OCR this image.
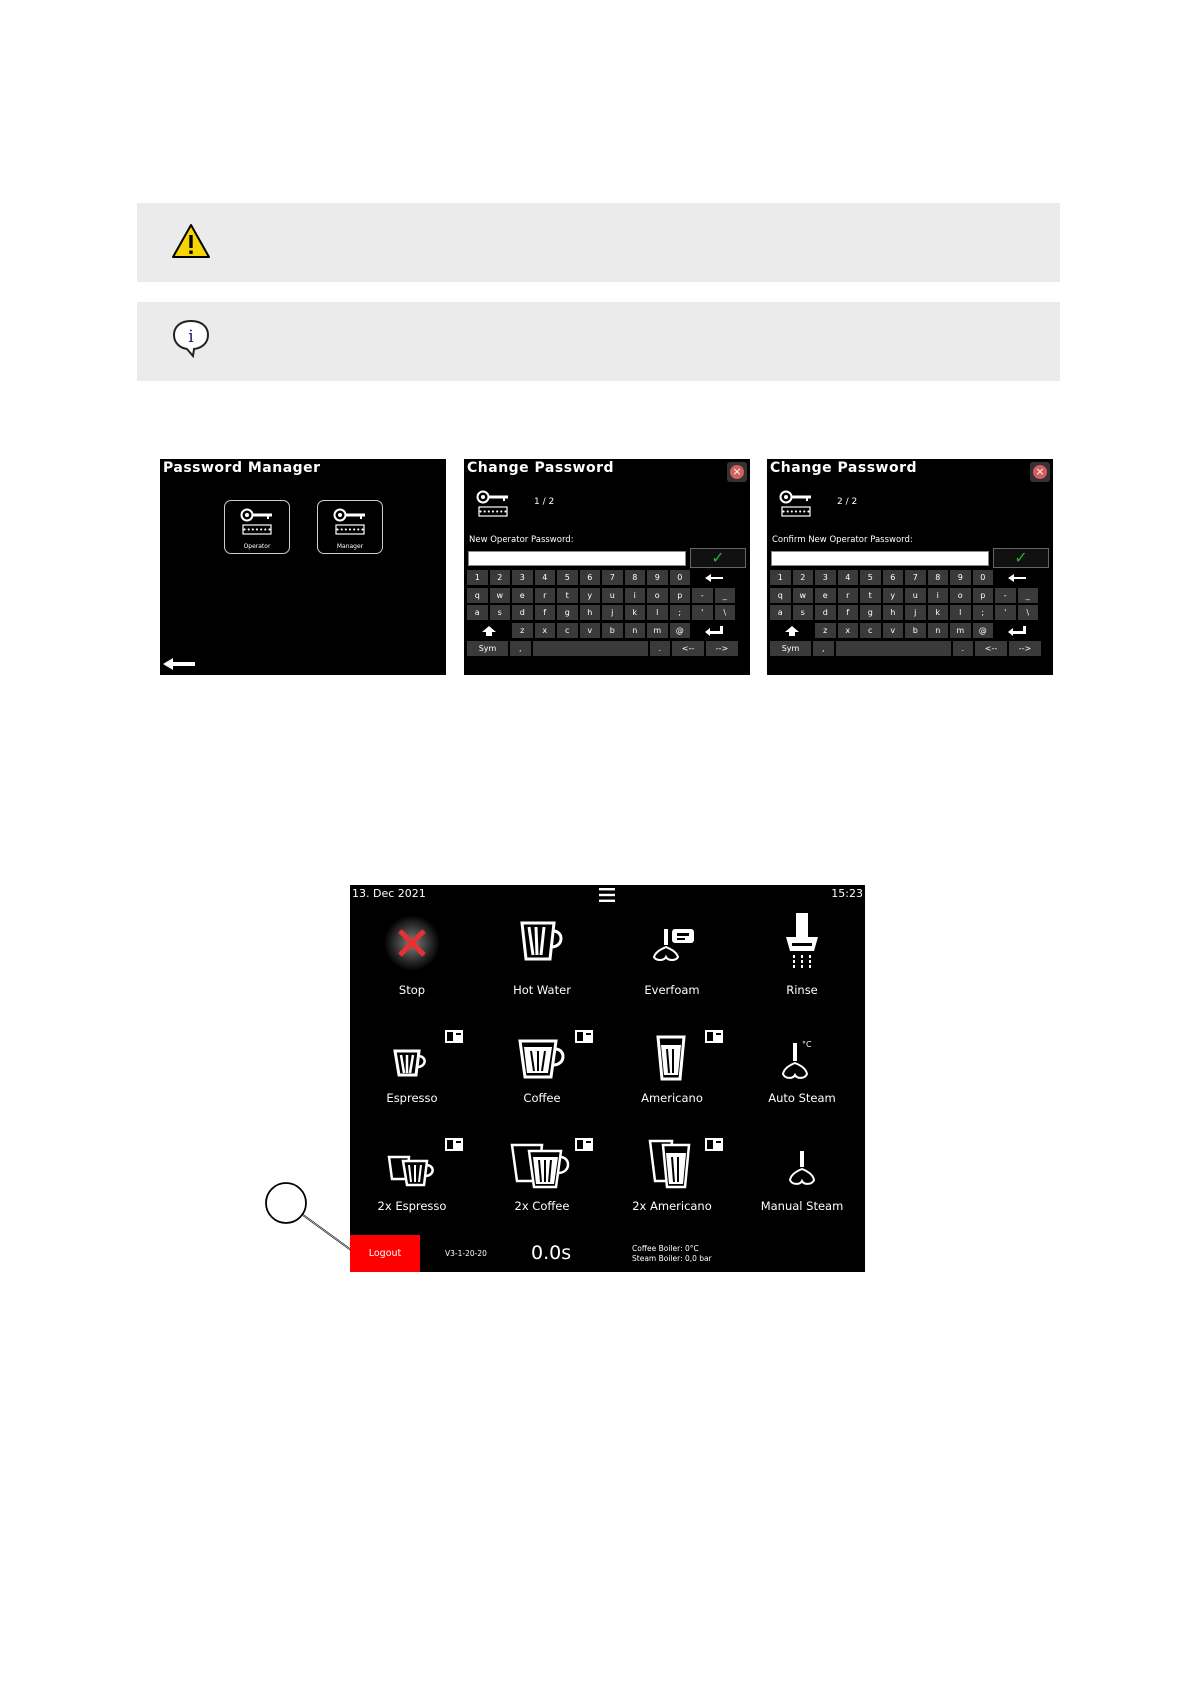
i
Password Manager
•••••••
Operator
•••••••
Manager
Change Password	×
•••••••
1 / 2
New Operator Password:
✓
1	2	3	4	5	6	7	8	9	0
q	w	e	r	t	y	u	i	o	p	-	_
a	s	d	f	g	h	j	k	l	;	'	\
z	x	c	v	b	n	m	@
Sym	,	.	<--	-->
Change Password	×
•••••••
2 / 2
Confirm New Operator Password:
✓
1	2	3	4	5	6	7	8	9	0
q	w	e	r	t	y	u	i	o	p	-	_
a	s	d	f	g	h	j	k	l	;	'	\
z	x	c	v	b	n	m	@
Sym	,	.	<--	-->
13. Dec 2021	15:23
Stop	Hot Water	Everfoam	Rinse
Espresso	Coffee	Americano
°C
Auto Steam
2x Espresso	2x Coffee	2x Americano	Manual Steam
Logout	V3-1-20-20 0.0s	Coffee Boiler: 0°C
Steam Boiler: 0,0 bar
